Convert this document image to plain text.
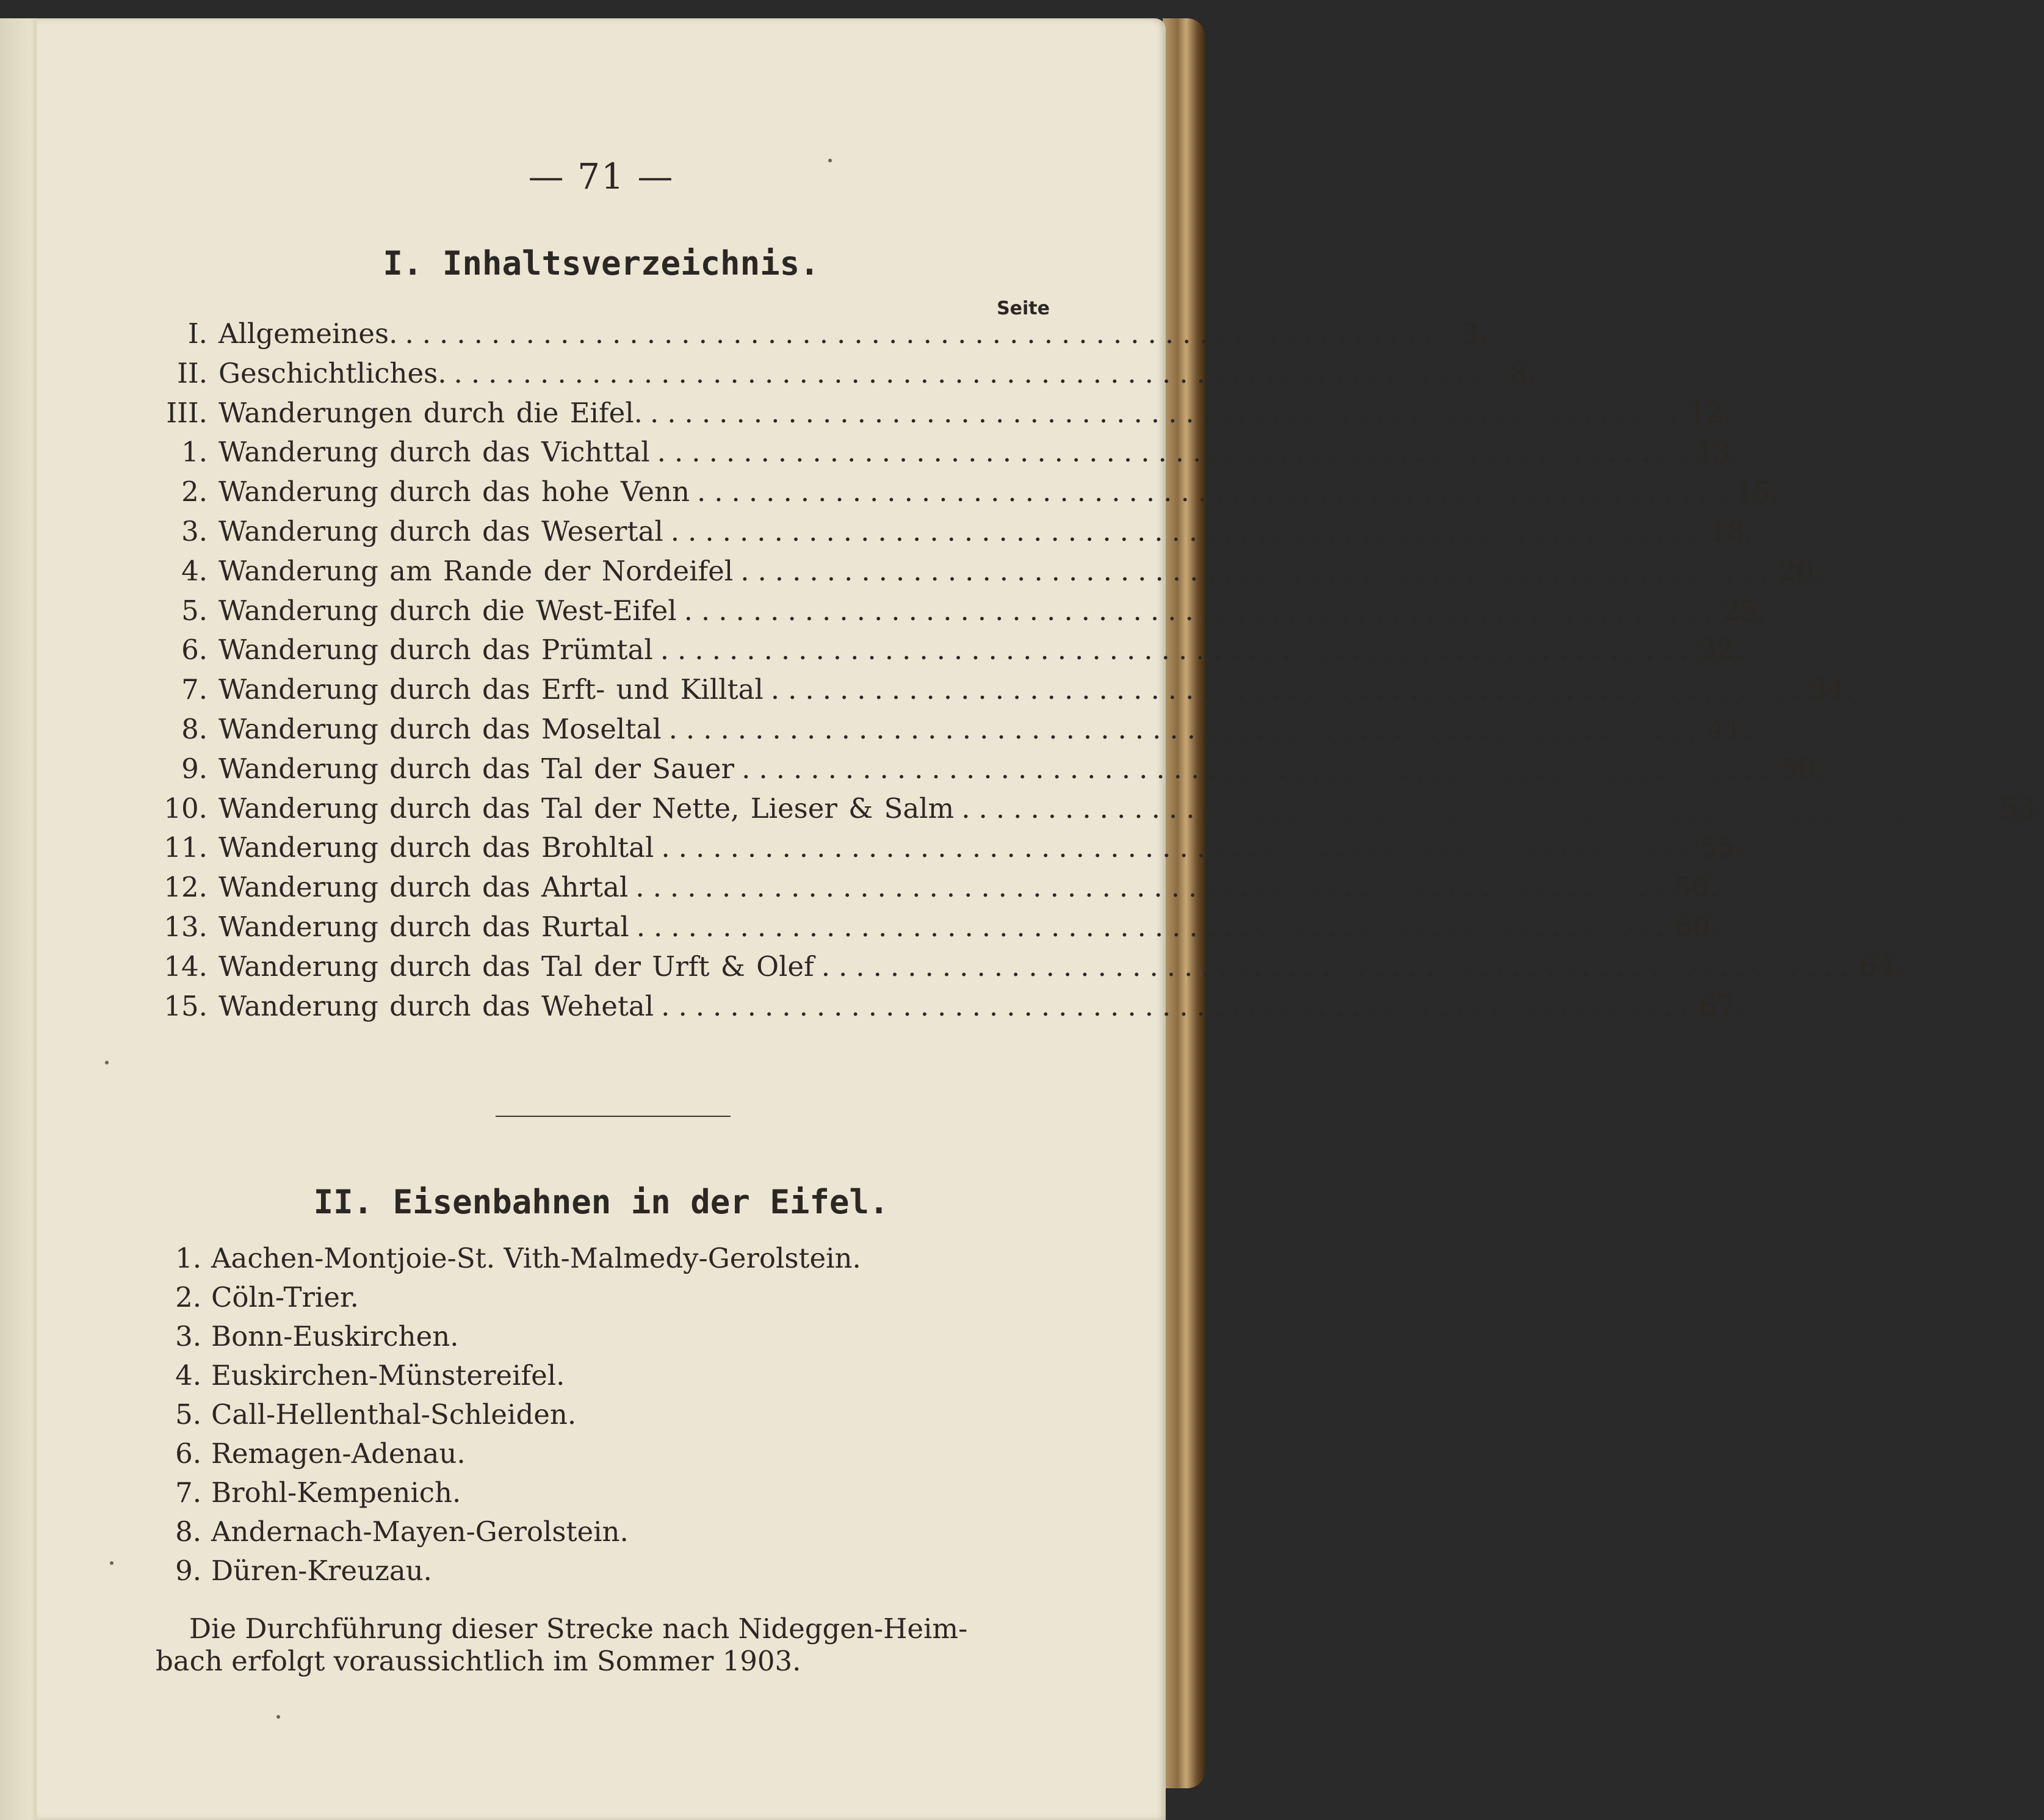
— 71 —
I. Inhaltsverzeichnis.
Seite
I. Allgemeines. ............................................................ 3.
II. Geschichtliches. ............................................................ 8.
III. Wanderungen durch die Eifel. ............................................................ 12.
1. Wanderung durch das Vichttal ............................................................ 13.
2. Wanderung durch das hohe Venn ............................................................ 15.
3. Wanderung durch das Wesertal ............................................................ 18.
4. Wanderung am Rande der Nordeifel ............................................................ 20.
5. Wanderung durch die West-Eifel ............................................................ 25.
6. Wanderung durch das Prümtal ............................................................ 32.
7. Wanderung durch das Erft- und Killtal ............................................................ 34.
8. Wanderung durch das Moseltal ............................................................ 41.
9. Wanderung durch das Tal der Sauer ............................................................ 50.
10. Wanderung durch das Tal der Nette, Lieser & Salm ............................................................ 53.
11. Wanderung durch das Brohltal ............................................................ 55.
12. Wanderung durch das Ahrtal ............................................................ 56.
13. Wanderung durch das Rurtal ............................................................ 60.
14. Wanderung durch das Tal der Urft & Olef ............................................................ 64.
15. Wanderung durch das Wehetal ............................................................ 67.
II. Eisenbahnen in der Eifel.
1. Aachen-Montjoie-St. Vith-Malmedy-Gerolstein.
2. Cöln-Trier.
3. Bonn-Euskirchen.
4. Euskirchen-Münstereifel.
5. Call-Hellenthal-Schleiden.
6. Remagen-Adenau.
7. Brohl-Kempenich.
8. Andernach-Mayen-Gerolstein.
9. Düren-Kreuzau.
Die Durchführung dieser Strecke nach Nideggen-Heim-
bach erfolgt voraussichtlich im Sommer 1903.
